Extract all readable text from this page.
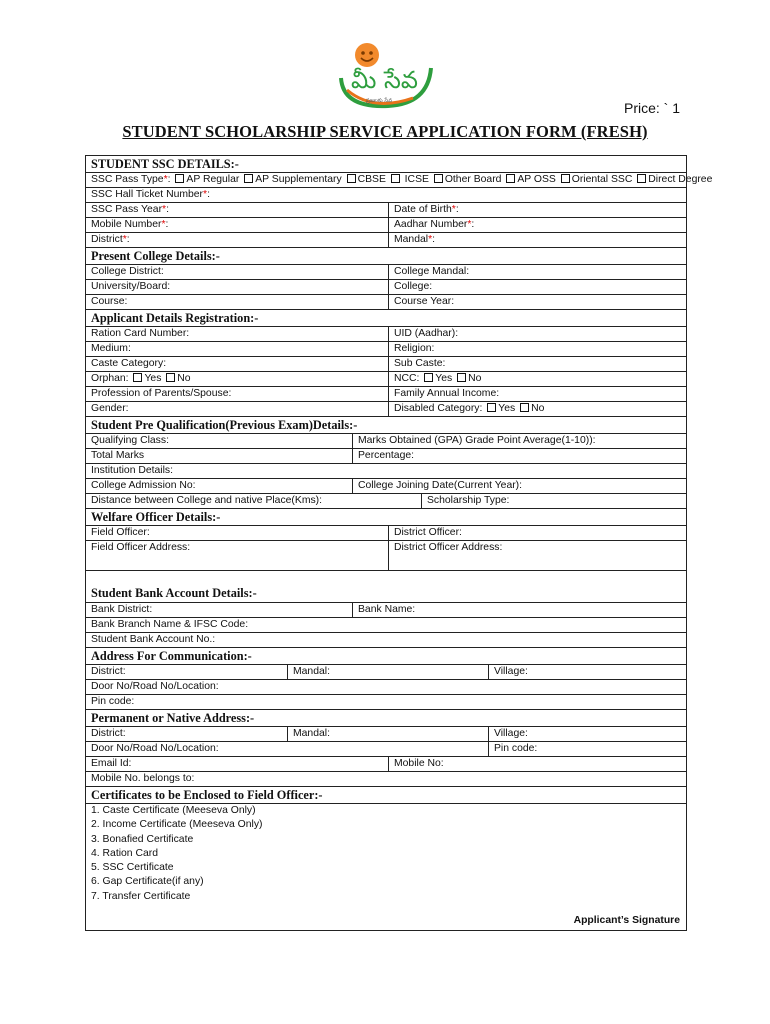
మీ సేవ
ప్రజలకు సేవ	Price: ` 1
STUDENT SCHOLARSHIP SERVICE APPLICATION FORM (FRESH)
STUDENT SSC DETAILS:-
SSC Pass Type*: AP Regular AP Supplementary CBSE ICSE Other Board AP OSS Oriental SSC Direct Degree
SSC Hall Ticket Number*:
SSC Pass Year*:	Date of Birth*:
Mobile Number*:	Aadhar Number*:
District*:	Mandal*:
Present College Details:-
College District:	College Mandal:
University/Board:	College:
Course:	Course Year:
Applicant Details Registration:-
Ration Card Number:	UID (Aadhar):
Medium:	Religion:
Caste Category:	Sub Caste:
Orphan: Yes No	NCC: Yes No
Profession of Parents/Spouse:	Family Annual Income:
Gender:	Disabled Category: Yes No
Student Pre Qualification(Previous Exam)Details:-
Qualifying Class:	Marks Obtained (GPA) Grade Point Average(1-10)):
Total Marks	Percentage:
Institution Details:
College Admission No:	College Joining Date(Current Year):
Distance between College and native Place(Kms):	Scholarship Type:
Welfare Officer Details:-
Field Officer:	District Officer:
Field Officer Address:	District Officer Address:
Student Bank Account Details:-
Bank District:	Bank Name:
Bank Branch Name & IFSC Code:
Student Bank Account No.:
Address For Communication:-
District:	Mandal:	Village:
Door No/Road No/Location:
Pin code:
Permanent or Native Address:-
District:	Mandal:	Village:
Door No/Road No/Location:	Pin code:
Email Id:	Mobile No:
Mobile No. belongs to:
Certificates to be Enclosed to Field Officer:-
1. Caste Certificate (Meeseva Only)
2. Income Certificate (Meeseva Only)
3. Bonafied Certificate
4. Ration Card
5. SSC Certificate
6. Gap Certificate(if any)
7. Transfer Certificate
Applicant’s Signature
